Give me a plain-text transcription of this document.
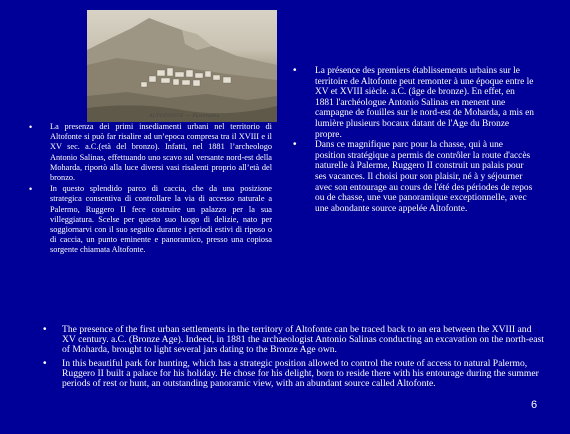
ALTOFONTE — Panorama
• La presenza dei primi insediamenti urbani nel territorio di Altofonte si può far risalire ad un’epoca compresa tra il XVIII e il XV sec. a.C.(età del bronzo). Infatti, nel 1881 l’archeologo Antonio Salinas, effettuando uno scavo sul versante nord-est della Moharda, riportò alla luce diversi vasi risalenti proprio all’età del bronzo.
• In questo splendido parco di caccia, che da una posizione strategica consentiva di controllare la via di accesso naturale a Palermo, Ruggero II fece costruire un palazzo per la sua villeggiatura. Scelse per questo suo luogo di delizie, nato per soggiornarvi con il suo seguito durante i periodi estivi di riposo o di caccia, un punto eminente e panoramico, presso una copiosa sorgente chiamata Altofonte.
• La présence des premiers établissements urbains sur le territoire de Altofonte peut remonter à une époque entre le XV et XVIII siècle. a.C. (âge de bronze). En effet, en 1881 l'archéologue Antonio Salinas en menent une campagne de fouilles sur le nord-est de Moharda, a mis en lumière plusieurs bocaux datant de l'Age du Bronze propre.
• Dans ce magnifique parc pour la chasse, qui à une position stratégique a permis de contrôler la route d'accès naturelle à Palerme, Ruggero II construit un palais pour ses vacances. Il choisi pour son plaisir, né à y séjourner avec son entourage au cours de l'été des périodes de repos ou de chasse, une vue panoramique exceptionnelle, avec une abondante source appelée Altofonte.
• The presence of the first urban settlements in the territory of Altofonte can be traced back to an era between the XVIII and XV century. a.C. (Bronze Age). Indeed, in 1881 the archaeologist Antonio Salinas conducting an excavation on the north-east of Moharda, brought to light several jars dating to the Bronze Age own.
• In this beautiful park for hunting, which has a strategic position allowed to control the route of access to natural Palermo, Ruggero II built a palace for his holiday. He chose for his delight, born to reside there with his entourage during the summer periods of rest or hunt, an outstanding panoramic view, with an abundant source called Altofonte.
6
